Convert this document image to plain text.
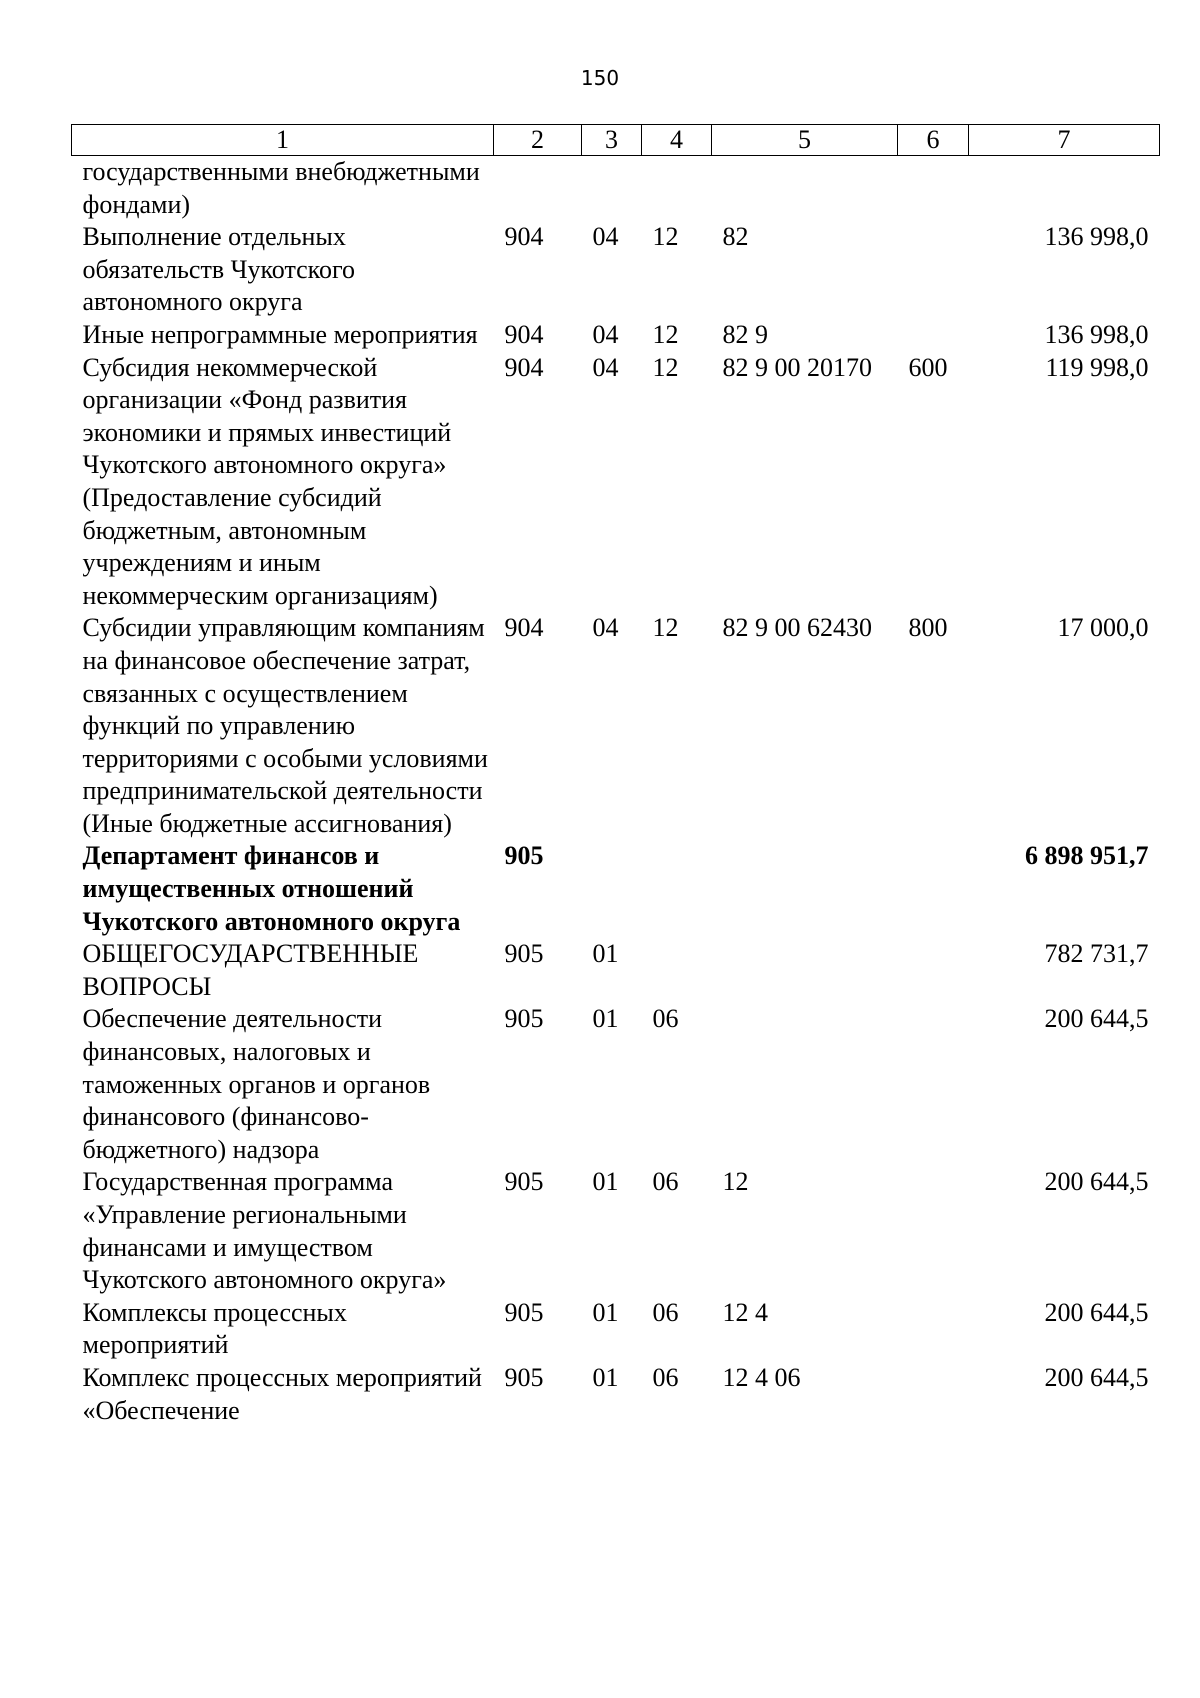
150
1	2	3	4	5	6	7
государственными внебюджетными фондами)						
Выполнение отдельных обязательств Чукотского автономного округа	904	04	12	82		136 998,0
Иные непрограммные мероприятия	904	04	12	82 9		136 998,0
Субсидия некоммерческой организации «Фонд развития экономики и прямых инвестиций Чукотского автономного округа» (Предоставление субсидий бюджетным, автономным учреждениям и иным некоммерческим организациям)	904	04	12	82 9 00 20170	600	119 998,0
Субсидии управляющим компаниям на финансовое обеспечение затрат, связанных с осуществлением функций по управлению территориями с особыми условиями предпринимательской деятельности (Иные бюджетные ассигнования)	904	04	12	82 9 00 62430	800	17 000,0
Департамент финансов и имущественных отношений Чукотского автономного округа	905					6 898 951,7
ОБЩЕГОСУДАРСТВЕННЫЕ ВОПРОСЫ	905	01				782 731,7
Обеспечение деятельности финансовых, налоговых и таможенных органов и органов финансового (финансово-бюджетного) надзора	905	01	06			200 644,5
Государственная программа «Управление региональными финансами и имуществом Чукотского автономного округа»	905	01	06	12		200 644,5
Комплексы процессных мероприятий	905	01	06	12 4		200 644,5
Комплекс процессных мероприятий «Обеспечение	905	01	06	12 4 06		200 644,5
